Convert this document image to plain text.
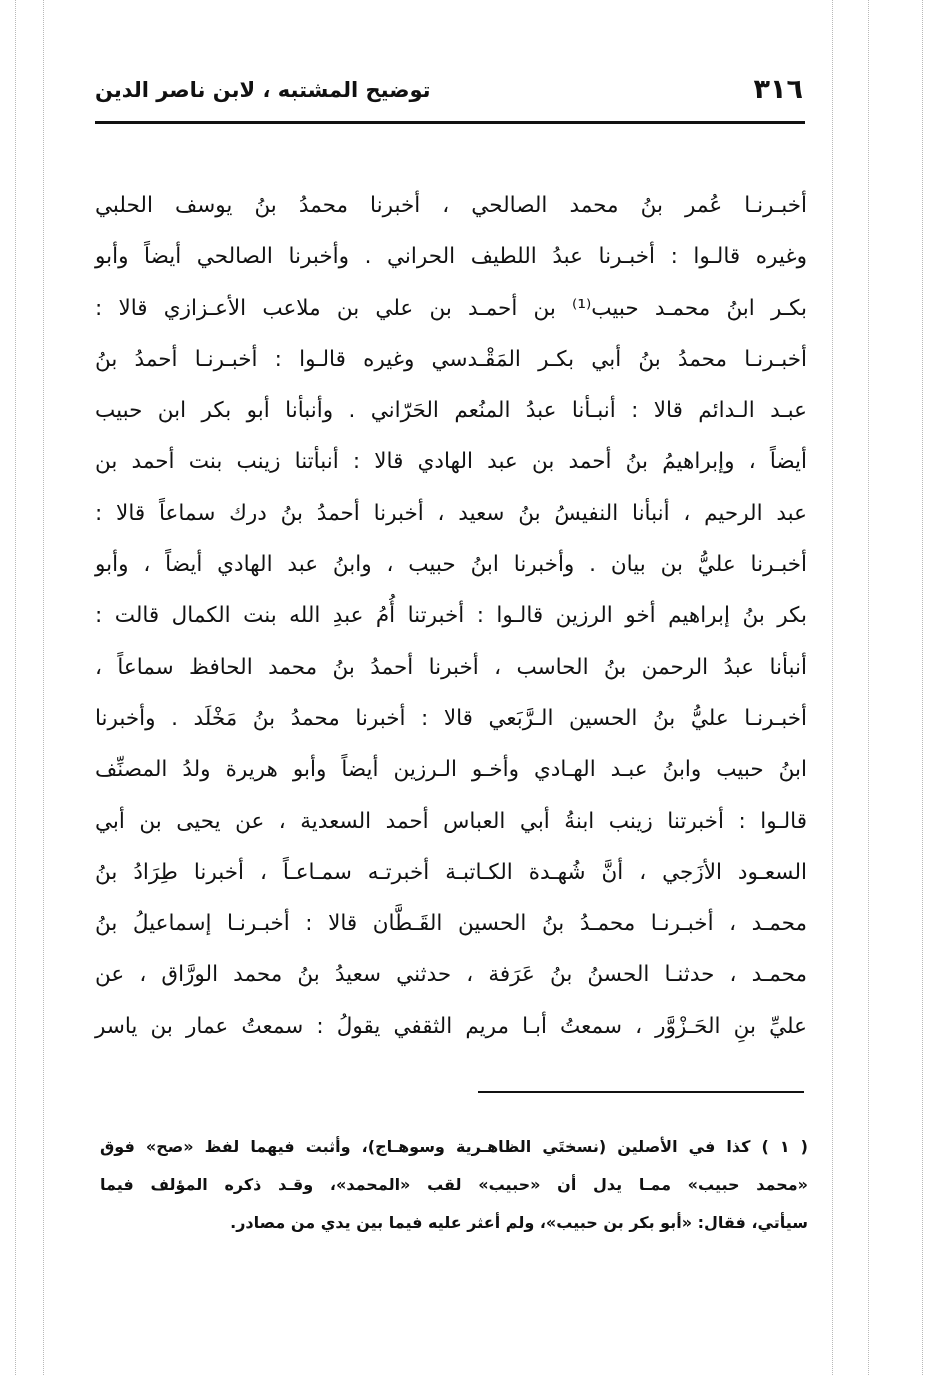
٣١٦
توضيح المشتبه ، لابن ناصر الدين
أخبـرنـا عُمر بنُ محمد الصالحي ، أخبرنا محمدُ بنُ يوسف الحلبي
وغيره قالـوا : أخبـرنا عبدُ اللطيف الحراني . وأخبرنا الصالحي أيضاً وأبو
بكـر ابنُ محمـد حبيب⁽¹⁾ بن أحمـد بن علي بن ملاعب الأعـزازي قالا :
أخبـرنـا محمدُ بنُ أبي بكـر المَقْـدسي وغيره قالـوا : أخبـرنـا أحمدُ بنُ
عبـد الـدائم قالا : أنبـأنا عبدُ المنُعم الحَرّاني . وأنبأنا أبو بكر ابن حبيب
أيضاً ، وإبراهيمُ بنُ أحمد بن عبد الهادي قالا : أنبأتنا زينب بنت أحمد بن
عبد الرحيم ، أنبأنا النفيسُ بنُ سعيد ، أخبرنا أحمدُ بنُ درك سماعاً قالا :
أخبـرنا عليُّ بن بيان . وأخبرنا ابنُ حبيب ، وابنُ عبد الهادي أيضاً ، وأبو
بكر بنُ إبراهيم أخو الرزين قالـوا : أخبرتنا أُمُ عبدِ الله بنت الكمال قالت :
أنبأنا عبدُ الرحمن بنُ الحاسب ، أخبرنا أحمدُ بنُ محمد الحافظ سماعاً ،
أخبـرنـا عليُّ بنُ الحسين الـرَّبَعي قالا : أخبرنا محمدُ بنُ مَخْلَد . وأخبرنا
ابنُ حبيب وابنُ عبـد الهـادي وأخـو الـرزين أيضاً وأبو هريرة ولدُ المصنِّف
قالـوا : أخبرتنا زينب ابنةُ أبي العباس أحمد السعدية ، عن يحيى بن أبي
السعـود الأزَجي ، أنَّ شُهـدة الكـاتبـة أخبرتـه سمـاعـاً ، أخبرنا طِرَادُ بنُ
محمـد ، أخبـرنـا محمـدُ بنُ الحسين القَـطَّان قالا : أخبـرنـا إسماعيلُ بنُ
محمـد ، حدثنـا الحسنُ بنُ عَرَفة ، حدثني سعيدُ بنُ محمد الورَّاق ، عن
عليِّ بنِ الحَـزْوَّر ، سمعتُ أبـا مريم الثقفي يقولُ : سمعتُ عمار بن ياسر
( ١ ) كذا في الأصلين (نسختَي الظاهـرية وسوهـاج)، وأثبت فيهما لفظ «صح» فوق
«محمد حبيب» ممـا يدل أن «حبيب» لقب «المحمد»، وقـد ذكره المؤلف فيما
سيأتي، فقال: «أبو بكر بن حبيب»، ولم أعثر عليه فيما بين يدي من مصادر.
